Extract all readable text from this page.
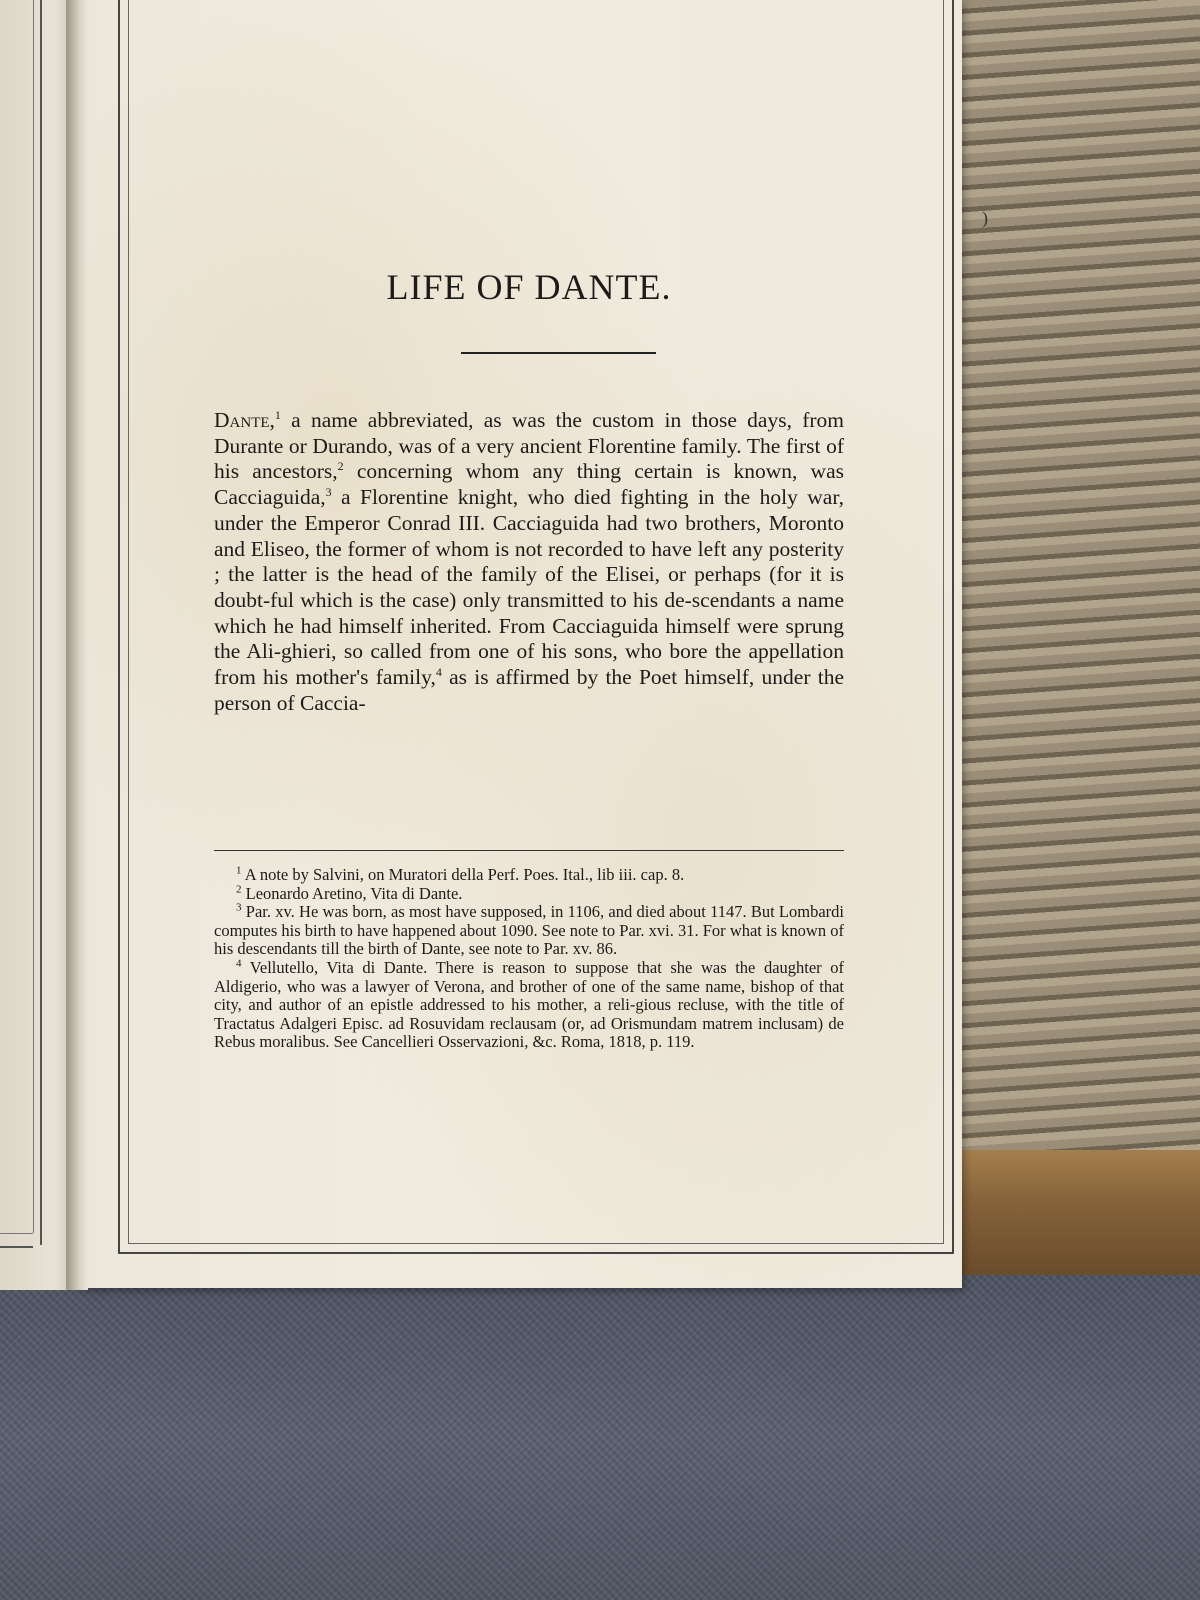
)
LIFE OF DANTE.

Dante,$^1$ a name abbreviated, as was the custom in those days, from Durante or Durando, was of a very ancient Florentine family. The first of his ancestors,$^2$ concerning whom any thing certain is known, was Cacciaguida,$^3$ a Florentine knight, who died fighting in the holy war, under the Emperor Conrad III. Cacciaguida had two brothers, Moronto and Eliseo, the former of whom is not recorded to have left any posterity ; the latter is the head of the family of the Elisei, or perhaps (for it is doubt-ful which is the case) only transmitted to his de-scendants a name which he had himself inherited. From Cacciaguida himself were sprung the Ali-ghieri, so called from one of his sons, who bore the appellation from his mother's family,$^4$ as is affirmed by the Poet himself, under the person of Caccia-

$^1$ A note by Salvini, on Muratori della Perf. Poes. Ital., lib iii. cap. 8.

$^2$ Leonardo Aretino, Vita di Dante.

$^3$ Par. xv. He was born, as most have supposed, in 1106, and died about 1147. But Lombardi computes his birth to have happened about 1090. See note to Par. xvi. 31. For what is known of his descendants till the birth of Dante, see note to Par. xv. 86.

$^4$ Vellutello, Vita di Dante. There is reason to suppose that she was the daughter of Aldigerio, who was a lawyer of Verona, and brother of one of the same name, bishop of that city, and author of an epistle addressed to his mother, a reli-gious recluse, with the title of Tractatus Adalgeri Episc. ad Rosuvidam reclausam (or, ad Orismundam matrem inclusam) de Rebus moralibus. See Cancellieri Osservazioni, &c. Roma, 1818, p. 119.
